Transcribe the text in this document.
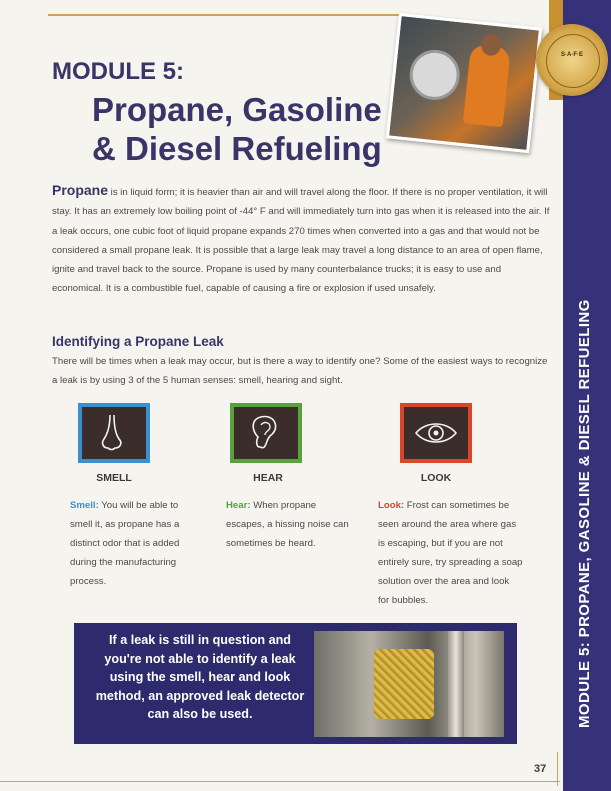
MODULE 5: PROPANE, GASOLINE & DIESEL REFUELING
MODULE 5:
Propane, Gasoline
& Diesel Refueling
S·A·F·E
Propane is in liquid form; it is heavier than air and will travel along the floor. If there is no proper ventilation, it will stay. It has an extremely low boiling point of -44° F and will immediately turn into gas when it is released into the air. If a leak occurs, one cubic foot of liquid propane expands 270 times when converted into a gas and that would not be considered a small propane leak. It is possible that a large leak may travel a long distance to an area of open flame, ignite and travel back to the source. Propane is used by many counterbalance trucks; it is easy to use and economical. It is a combustible fuel, capable of causing a fire or explosion if used unsafely.
Identifying a Propane Leak
There will be times when a leak may occur, but is there a way to identify one? Some of the easiest ways to recognize a leak is by using 3 of the 5 human senses: smell, hearing and sight.
SMELL	HEAR	LOOK
Smell: You will be able to smell it, as propane has a distinct odor that is added during the manufacturing process.
Hear: When propane escapes, a hissing noise can sometimes be heard.
Look: Frost can sometimes be seen around the area where gas is escaping, but if you are not entirely sure, try spreading a soap solution over the area and look for bubbles.
If a leak is still in question and you're not able to identify a leak using the smell, hear and look method, an approved leak detector can also be used.
37
